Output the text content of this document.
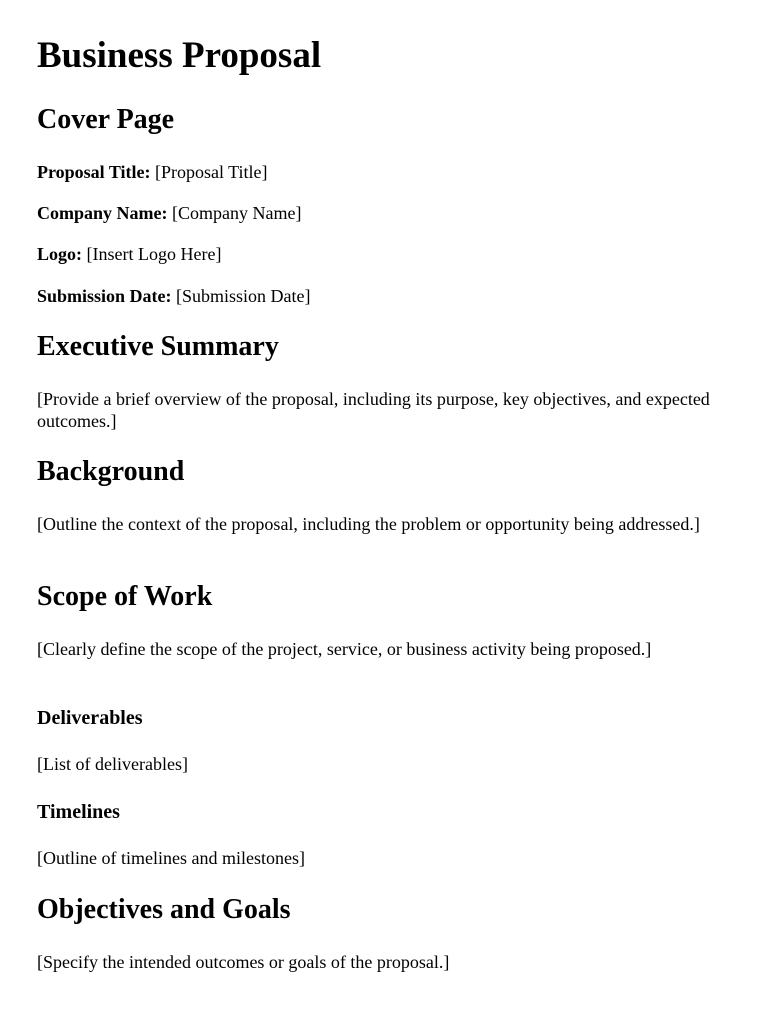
Business Proposal
Cover Page
Proposal Title: [Proposal Title]
Company Name: [Company Name]
Logo: [Insert Logo Here]
Submission Date: [Submission Date]
Executive Summary
[Provide a brief overview of the proposal, including its purpose, key objectives, and expected outcomes.]
Background
[Outline the context of the proposal, including the problem or opportunity being addressed.]
Scope of Work
[Clearly define the scope of the project, service, or business activity being proposed.]
Deliverables
[List of deliverables]
Timelines
[Outline of timelines and milestones]
Objectives and Goals
[Specify the intended outcomes or goals of the proposal.]
